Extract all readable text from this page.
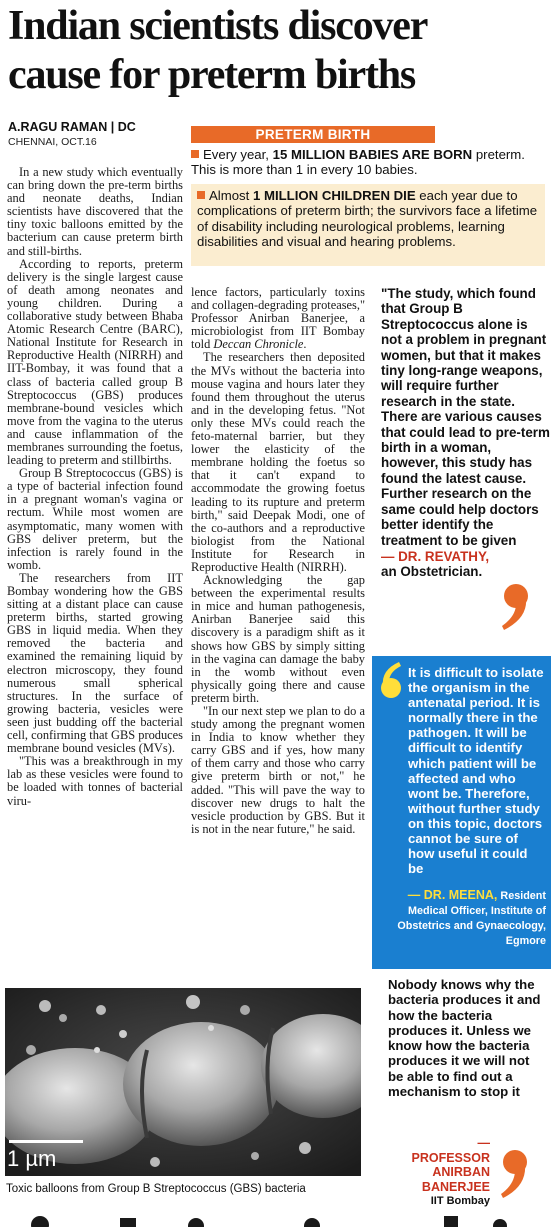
Indian scientists discover
cause for preterm births
A.RAGU RAMAN | DC
CHENNAI, OCT.16

In a new study which eventually can bring down the pre-term births and neonate deaths, Indian scientists have discovered that the tiny toxic balloons emitted by the bacterium can cause preterm birth and still-births.

According to reports, preterm delivery is the single largest cause of death among neonates and young children. During a collaborative study between Bhaba Atomic Research Centre (BARC), National Institute for Research in Reproductive Health (NIRRH) and IIT-Bombay, it was found that a class of bacteria called group B Streptococcus (GBS) produces membrane-bound vesicles which move from the vagina to the uterus and cause inflammation of the membranes surrounding the foetus, leading to preterm and stillbirths.

Group B Streptococcus (GBS) is a type of bacterial infection found in a pregnant woman's vagina or rectum. While most women are asymptomatic, many women with GBS deliver preterm, but the infection is rarely found in the womb.

The researchers from IIT Bombay wondering how the GBS sitting at a distant place can cause preterm births, started growing GBS in liquid media. When they removed the bacteria and examined the remaining liquid by electron microscopy, they found numerous small spherical structures. In the surface of growing bacteria, vesicles were seen just budding off the bacterial cell, confirming that GBS produces membrane bound vesicles (MVs).

"This was a breakthrough in my lab as these vesicles were found to be loaded with tonnes of bacterial viru-

PRETERM BIRTH
Every year, 15 MILLION BABIES ARE BORN preterm. This is more than 1 in every 10 babies.
Almost 1 MILLION CHILDREN DIE each year due to complications of preterm birth; the survivors face a lifetime of disability including neurological problems, learning disabilities and visual and hearing problems.

lence factors, particularly toxins and collagen-degrading proteases," Professor Anirban Banerjee, a microbiologist from IIT Bombay told Deccan Chronicle.

The researchers then deposited the MVs without the bacteria into mouse vagina and hours later they found them throughout the uterus and in the developing fetus. "Not only these MVs could reach the feto-maternal barrier, but they lower the elasticity of the membrane holding the foetus so that it can't expand to accommodate the growing foetus leading to its rupture and preterm birth," said Deepak Modi, one of the co-authors and a reproductive biologist from the National Institute for Research in Reproductive Health (NIRRH).

Acknowledging the gap between the experimental results in mice and human pathogenesis, Anirban Banerjee said this discovery is a paradigm shift as it shows how GBS by simply sitting in the vagina can damage the baby in the womb without even physically going there and cause preterm birth.

"In our next step we plan to do a study among the pregnant women in India to know whether they carry GBS and if yes, how many of them carry and those who carry give preterm birth or not," he added. "This will pave the way to discover new drugs to halt the vesicle production by GBS. But it is not in the near future," he said.

"The study, which found that Group B Streptococcus alone is not a problem in pregnant women, but that it makes tiny long-range weapons, will require further research in the state. There are various causes that could lead to pre-term birth in a woman, however, this study has found the latest cause. Further research on the same could help doctors better identify the treatment to be given
— DR. REVATHY,
an Obstetrician.
It is difficult to isolate the organism in the antenatal period. It is normally there in the pathogen. It will be difficult to identify which patient will be affected and who wont be. Therefore, without further study on this topic, doctors cannot be sure of how useful it could be
— DR. MEENA, Resident Medical Officer, Institute of Obstetrics and Gynaecology, Egmore
Nobody knows why the bacteria produces it and how the bacteria produces it. Unless we know how the bacteria produces it we will not be able to find out a mechanism to stop it
— PROFESSOR
ANIRBAN
BANERJEE
IIT Bombay
1 µm
Toxic balloons from Group B Streptococcus (GBS) bacteria
